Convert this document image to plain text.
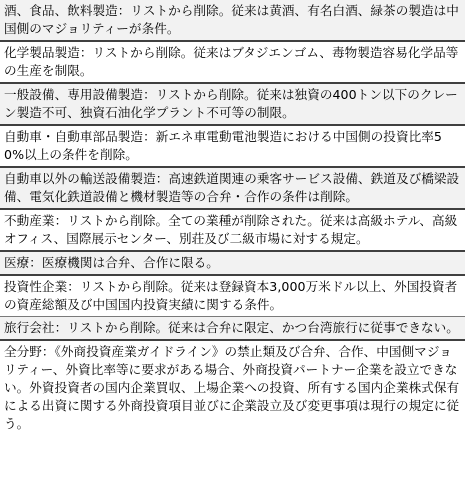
酒、食品、飲料製造：リストから削除。従来は黄酒、有名白酒、緑茶の製造は中国側のマジョリティーが条件。
化学製品製造：リストから削除。従来はブタジエンゴム、毒物製造容易化学品等の生産を制限。
一般設備、専用設備製造：リストから削除。従来は独資の400トン以下のクレーン製造不可、独資石油化学プラント不可等の制限。
自動車・自動車部品製造：新エネ車電動電池製造における中国側の投資比率50%以上の条件を削除。
自動車以外の輸送設備製造：高速鉄道関連の乗客サービス設備、鉄道及び橋梁設備、電気化鉄道設備と機材製造等の合弁・合作の条件は削除。
不動産業：リストから削除。全ての業種が削除された。従来は高級ホテル、高級オフィス、国際展示センター、別荘及び二級市場に対する規定。
医療：医療機関は合弁、合作に限る。
投資性企業：リストから削除。従来は登録資本3,000万米ドル以上、外国投資者の資産総額及び中国国内投資実績に関する条件。
旅行会社：リストから削除。従来は合弁に限定、かつ台湾旅行に従事できない。
全分野：《外商投資産業ガイドライン》の禁止類及び合弁、合作、中国側マジョリティー、外資比率等に要求がある場合、外商投資パートナー企業を設立できない。外資投資者の国内企業買収、上場企業への投資、所有する国内企業株式保有による出資に関する外商投資項目並びに企業設立及び変更事項は現行の規定に従う。
